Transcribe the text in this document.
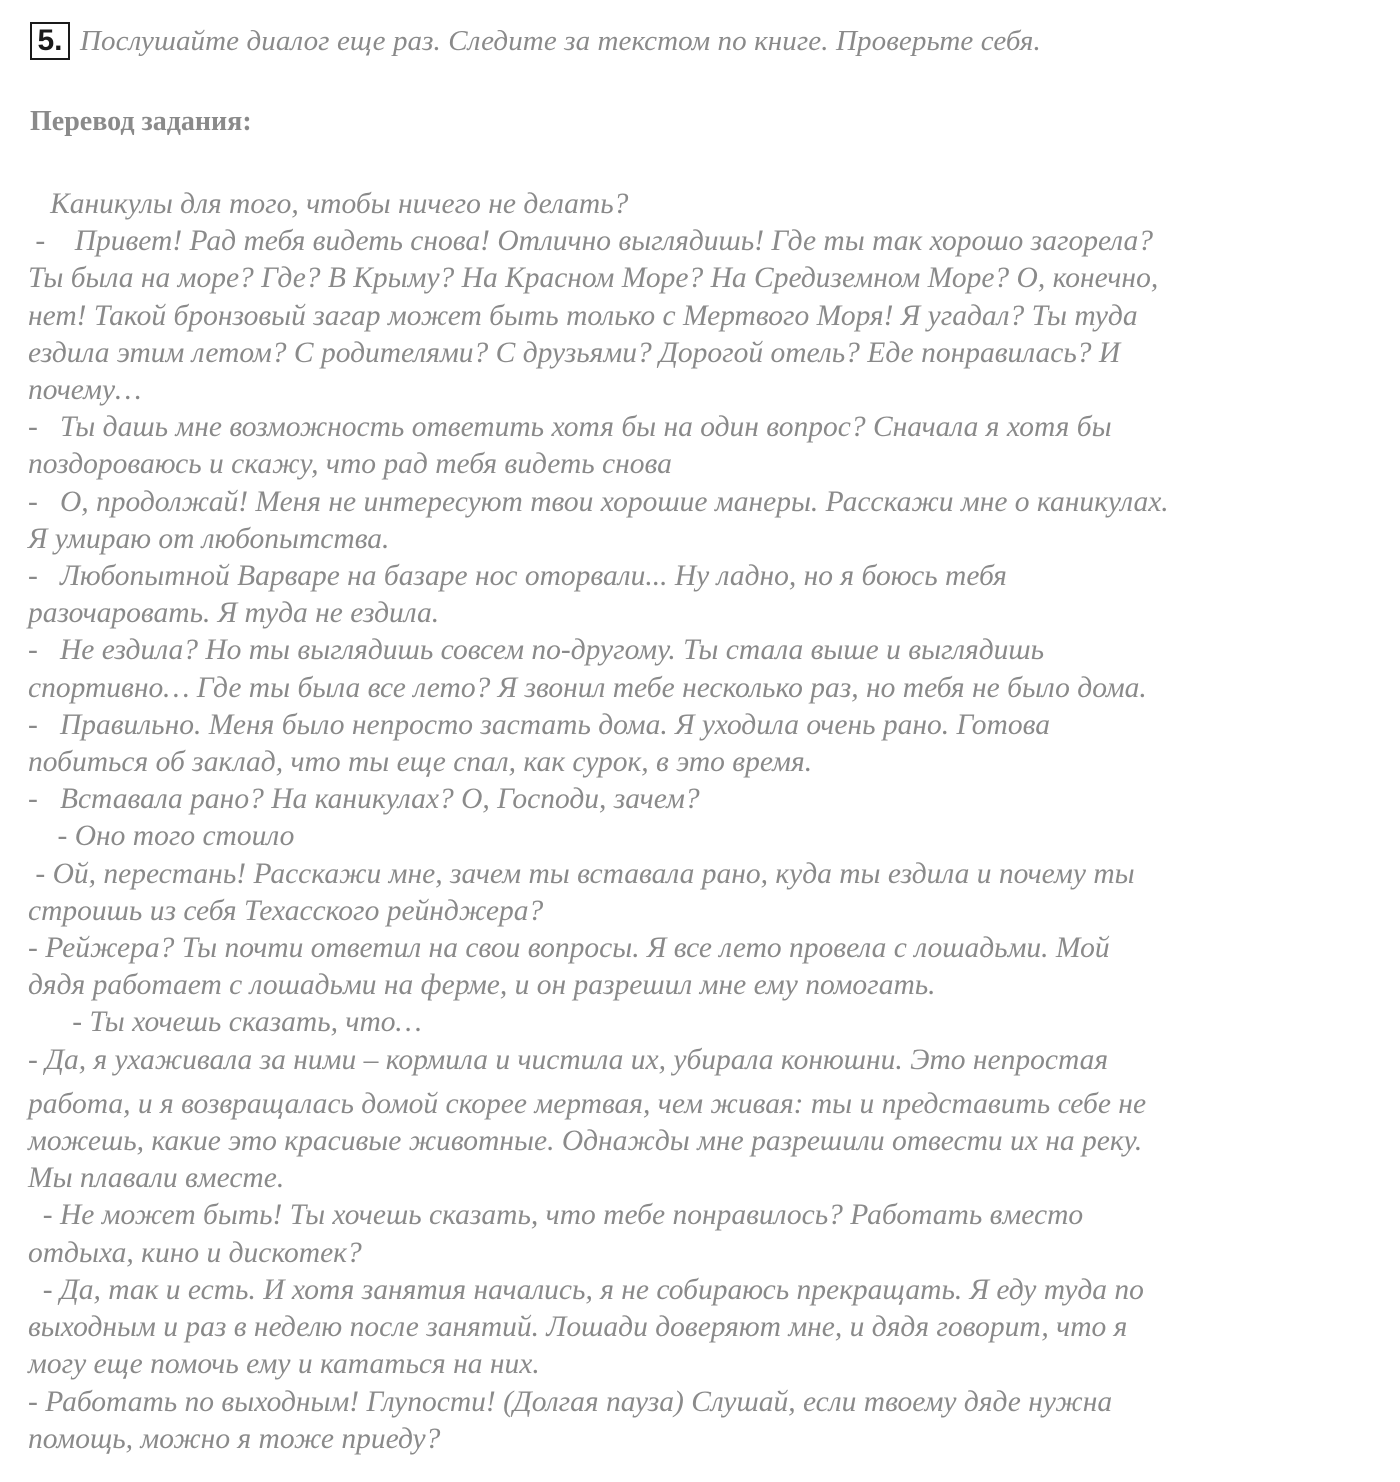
5. Послушайте диалог еще раз. Следите за текстом по книге. Проверьте себя.
Перевод задания:
Каникулы для того, чтобы ничего не делать?
-    Привет! Рад тебя видеть снова! Отлично выглядишь! Где ты так хорошо загорела?
Ты была на море? Где? В Крыму? На Красном Море? На Средиземном Море? О, конечно,
нет! Такой бронзовый загар может быть только с Мертвого Моря! Я угадал? Ты туда
ездила этим летом? С родителями? С друзьями? Дорогой отель? Еде понравилась? И
почему…
-   Ты дашь мне возможность ответить хотя бы на один вопрос? Сначала я хотя бы
поздороваюсь и скажу, что рад тебя видеть снова
-   О, продолжай! Меня не интересуют твои хорошие манеры. Расскажи мне о каникулах.
Я умираю от любопытства.
-   Любопытной Варваре на базаре нос оторвали... Ну ладно, но я боюсь тебя
разочаровать. Я туда не ездила.
-   Не ездила? Но ты выглядишь совсем по-другому. Ты стала выше и выглядишь
спортивно… Где ты была все лето? Я звонил тебе несколько раз, но тебя не было дома.
-   Правильно. Меня было непросто застать дома. Я уходила очень рано. Готова
побиться об заклад, что ты еще спал, как сурок, в это время.
-   Вставала рано? На каникулах? О, Господи, зачем?
- Оно того стоило
- Ой, перестань! Расскажи мне, зачем ты вставала рано, куда ты ездила и почему ты
строишь из себя Техасского рейнджера?
- Рейжера? Ты почти ответил на свои вопросы. Я все лето провела с лошадьми. Мой
дядя работает с лошадьми на ферме, и он разрешил мне ему помогать.
- Ты хочешь сказать, что…
- Да, я ухаживала за ними – кормила и чистила их, убирала конюшни. Это непростая
работа, и я возвращалась домой скорее мертвая, чем живая: ты и представить себе не
можешь, какие это красивые животные. Однажды мне разрешили отвести их на реку.
Мы плавали вместе.
- Не может быть! Ты хочешь сказать, что тебе понравилось? Работать вместо
отдыха, кино и дискотек?
- Да, так и есть. И хотя занятия начались, я не собираюсь прекращать. Я еду туда по
выходным и раз в неделю после занятий. Лошади доверяют мне, и дядя говорит, что я
могу еще помочь ему и кататься на них.
- Работать по выходным! Глупости! (Долгая пауза) Слушай, если твоему дяде нужна
помощь, можно я тоже приеду?
